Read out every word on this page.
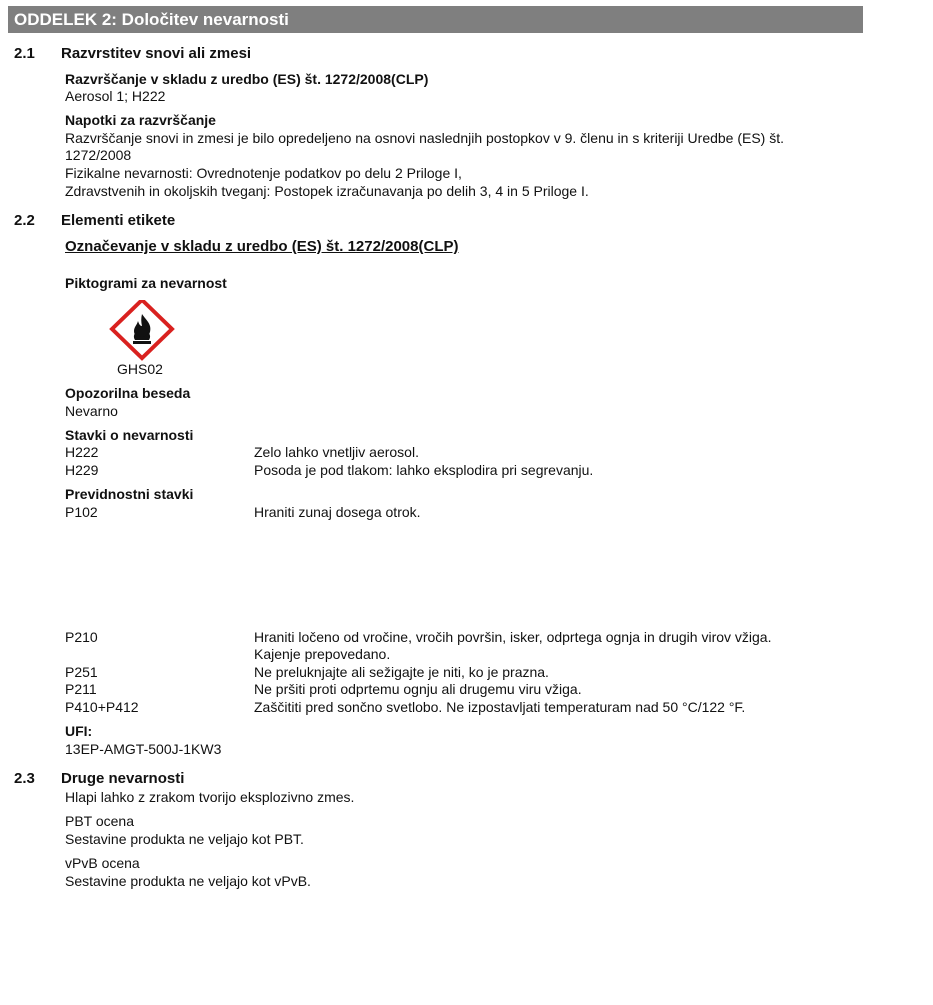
ODDELEK 2: Določitev nevarnosti
2.1 Razvrstitev snovi ali zmesi
Razvrščanje v skladu z uredbo (ES) št. 1272/2008(CLP)
Aerosol 1; H222
Napotki za razvrščanje
Razvrščanje snovi in zmesi je bilo opredeljeno na osnovi naslednjih postopkov v 9. členu in s kriteriji Uredbe (ES) št.
1272/2008
Fizikalne nevarnosti: Ovrednotenje podatkov po delu 2 Priloge I,
Zdravstvenih in okoljskih tveganj: Postopek izračunavanja po delih 3, 4 in 5 Priloge I.
2.2 Elementi etikete
Označevanje v skladu z uredbo (ES) št. 1272/2008(CLP)
Piktogrami za nevarnost
GHS02
Opozorilna beseda
Nevarno
Stavki o nevarnosti
H222	Zelo lahko vnetljiv aerosol.
H229	Posoda je pod tlakom: lahko eksplodira pri segrevanju.
Previdnostni stavki
P102	Hraniti zunaj dosega otrok.
P210	Hraniti ločeno od vročine, vročih površin, isker, odprtega ognja in drugih virov vžiga.
Kajenje prepovedano.
P251	Ne preluknjajte ali sežigajte je niti, ko je prazna.
P211	Ne pršiti proti odprtemu ognju ali drugemu viru vžiga.
P410+P412	Zaščititi pred sončno svetlobo. Ne izpostavljati temperaturam nad 50 °C/122 °F.
UFI:
13EP-AMGT-500J-1KW3
2.3 Druge nevarnosti
Hlapi lahko z zrakom tvorijo eksplozivno zmes.
PBT ocena
Sestavine produkta ne veljajo kot PBT.
vPvB ocena
Sestavine produkta ne veljajo kot vPvB.
